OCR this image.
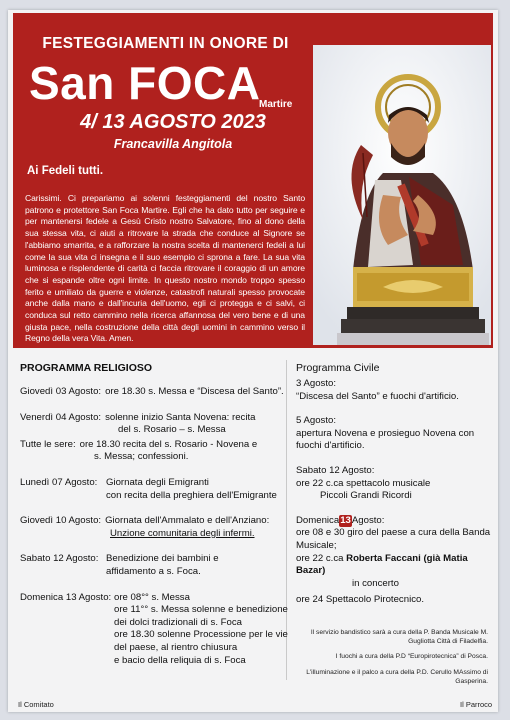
FESTEGGIAMENTI IN ONORE DI
San FOCA
Martire
4/ 13 AGOSTO 2023
Francavilla Angitola
Ai Fedeli tutti.
Carissimi. Ci prepariamo ai solenni festeggiamenti del nostro Santo patrono e protettore San Foca Martire. Egli che ha dato tutto per seguire e per mantenersi fedele a Gesù Cristo nostro Salvatore, fino al dono della sua stessa vita, ci aiuti a ritrovare la strada che conduce al Signore se l'abbiamo smarrita, e a rafforzare la nostra scelta di mantenerci fedeli a lui come la sua vita ci insegna e il suo esempio ci sprona a fare. La sua vita luminosa e risplendente di carità ci faccia ritrovare il coraggio di un amore che si espande oltre ogni limite. In questo nostro mondo troppo spesso ferito e umiliato da guerre e violenze, catastrofi naturali spesso provocate anche dalla mano e dall'incuria dell'uomo, egli ci protegga e ci salvi, ci conduca sul retto cammino nella ricerca affannosa del vero bene e di una giusta pace, nella costruzione della città degli uomini in cammino verso il Regno della vera Vita. Amen.
PROGRAMMA RELIGIOSO
Giovedì 03 Agosto: ore 18.30 s. Messa e “Discesa del Santo”.
Venerdì 04 Agosto: solenne inizio Santa Novena: recita
del s. Rosario – s. Messa
Tutte le sere: ore 18.30 recita del s. Rosario - Novena e
s. Messa; confessioni.
Lunedì 07 Agosto: Giornata degli Emigranti
con recita della preghiera dell'Emigrante
Giovedì 10 Agosto: Giornata dell'Ammalato e dell'Anziano:
Unzione comunitaria degli infermi.
Sabato 12 Agosto: Benedizione dei bambini e
affidamento a s. Foca.
Domenica 13 Agosto: ore 08°° s. Messa
ore 11°° s. Messa solenne e benedizione
dei dolci tradizionali di s. Foca
ore 18.30 solenne Processione per le vie
del paese, al rientro chiusura
e bacio della reliquia di s. Foca
Programma Civile
3 Agosto:
“Discesa del Santo” e fuochi d'artificio.
5 Agosto:
apertura Novena e prosieguo Novena con fuochi d'artificio.
Sabato 12 Agosto:
ore 22 c.ca spettacolo musicale
Piccoli Grandi Ricordi
Domenica13Agosto:
ore 08 e 30 giro del paese a cura della Banda Musicale;
ore 22 c.ca Roberta Faccani (già Matia Bazar)
in concerto
ore 24 Spettacolo Pirotecnico.
Il servizio bandistico sarà a cura della P. Banda Musicale M. Gugliotta Città di Filadelfia.
I fuochi a cura della P.D “Europirotecnica” di Posca.
L'illuminazione e il palco a cura della P.D. Cerullo MAssimo di Gasperina.
Il Comitato	Il Parroco
